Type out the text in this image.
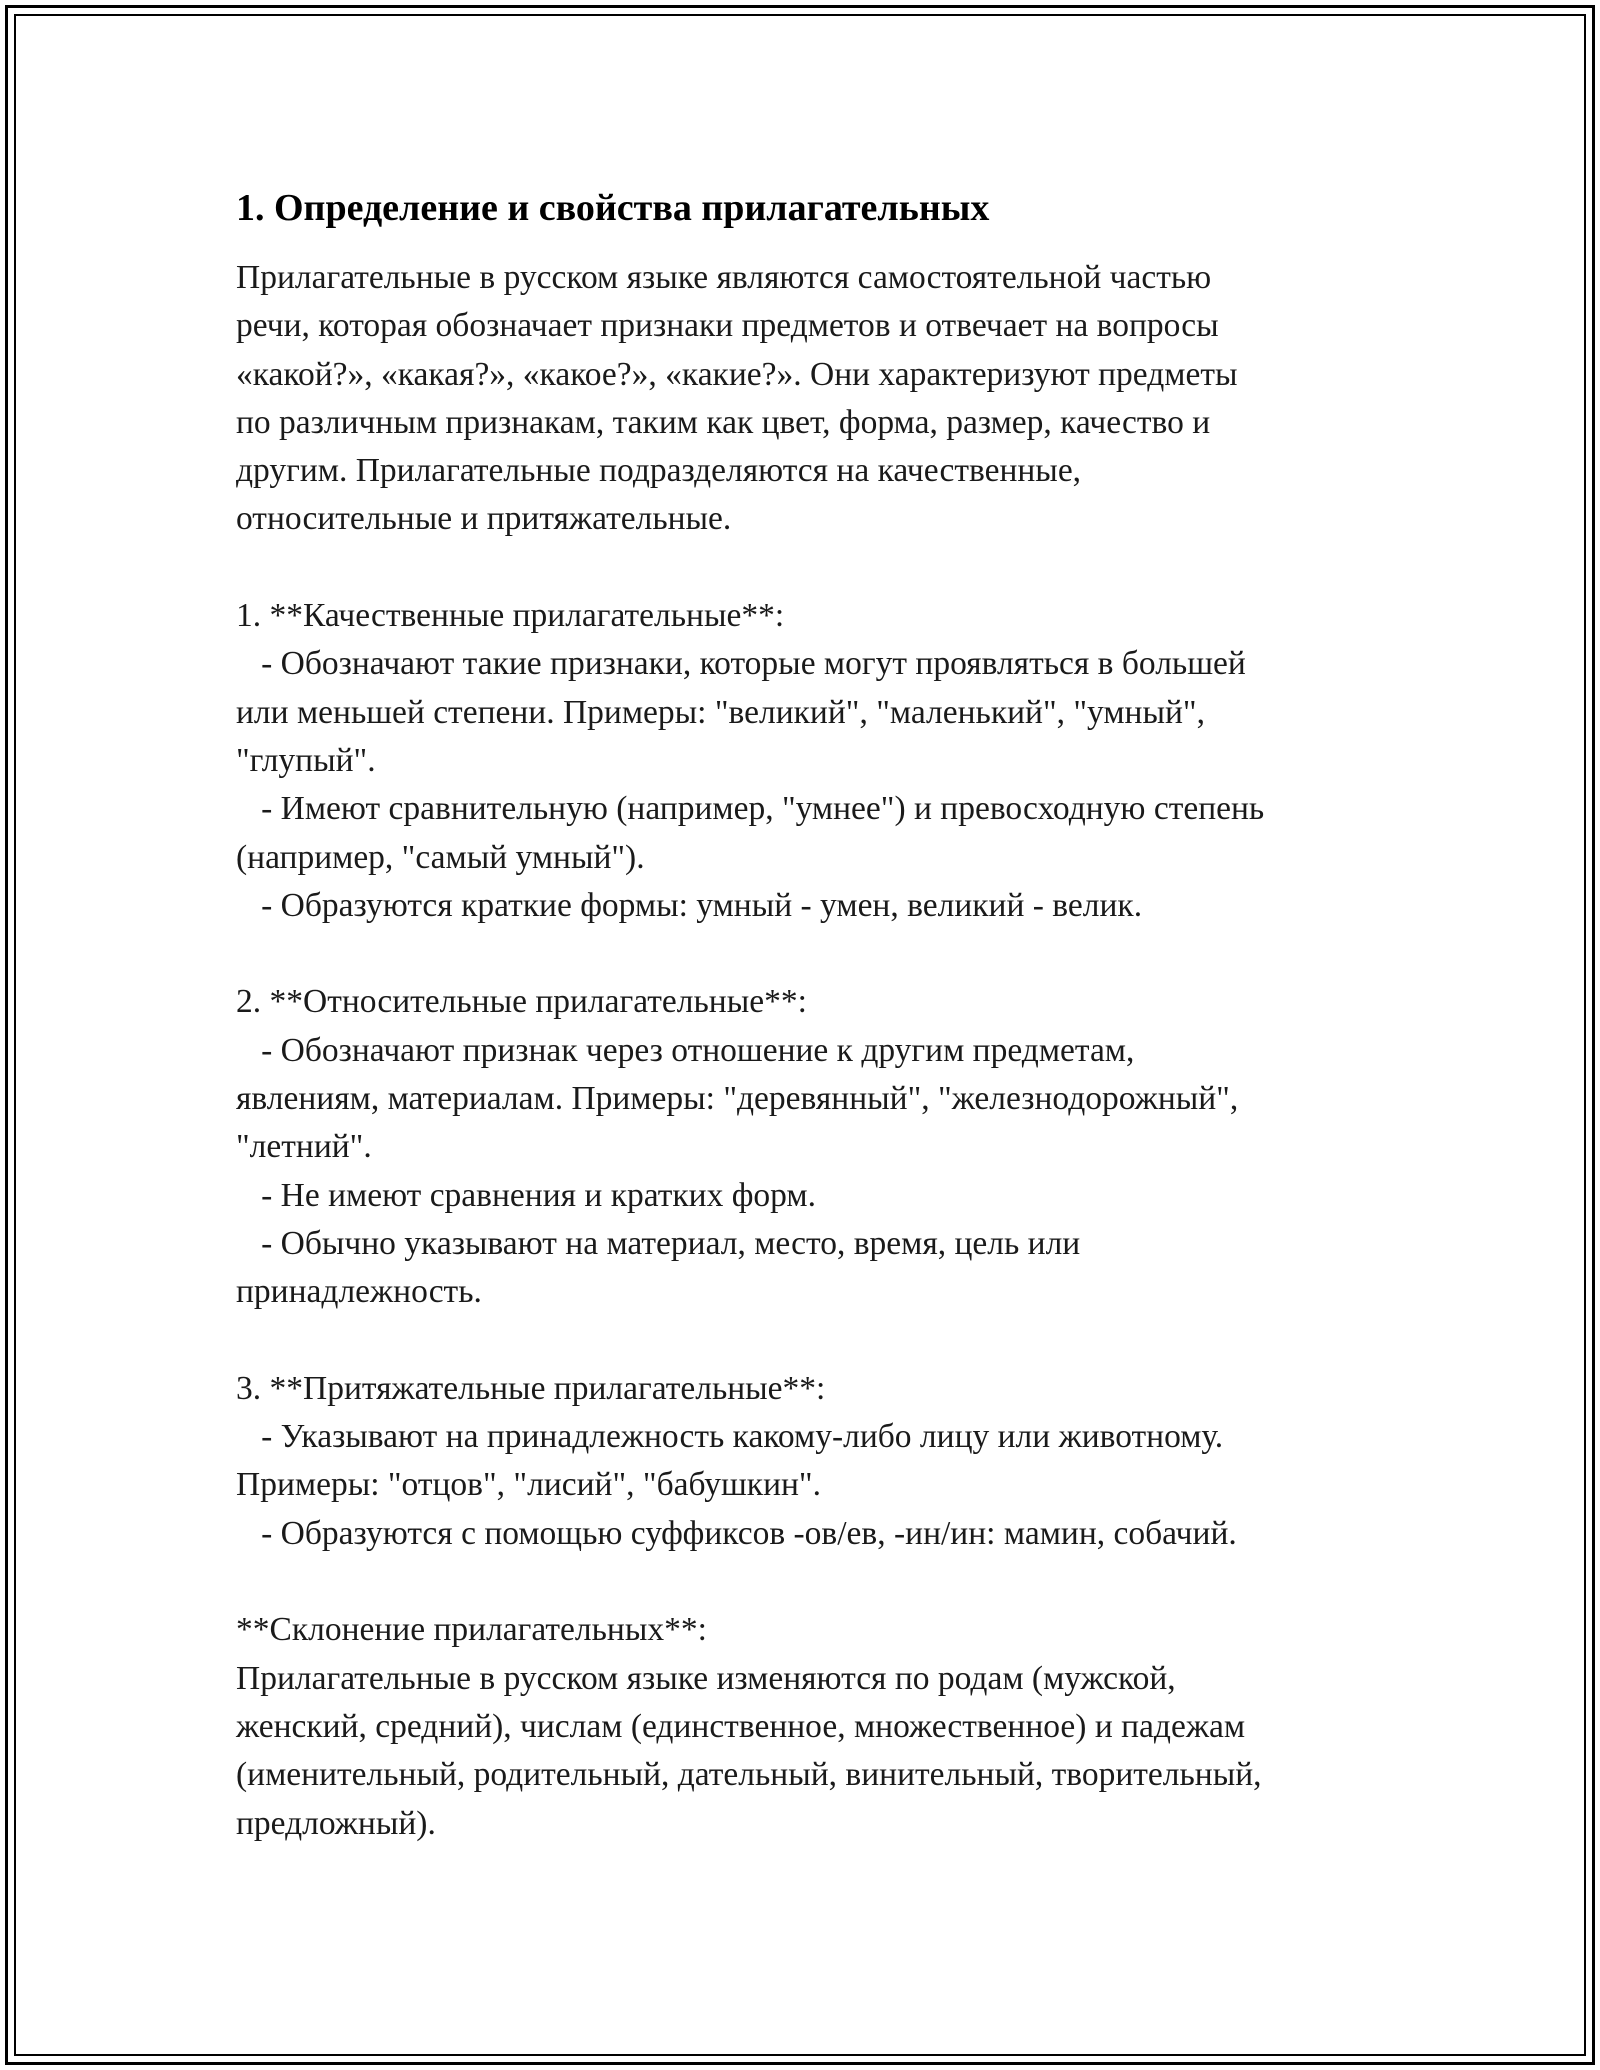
1. Определение и свойства прилагательных

Прилагательные в русском языке являются самостоятельной частью
речи, которая обозначает признаки предметов и отвечает на вопросы
«какой?», «какая?», «какое?», «какие?». Они характеризуют предметы
по различным признакам, таким как цвет, форма, размер, качество и
другим. Прилагательные подразделяются на качественные,
относительные и притяжательные.

1. **Качественные прилагательные**:

- Обозначают такие признаки, которые могут проявляться в большей
или меньшей степени. Примеры: "великий", "маленький", "умный",
"глупый".
- Имеют сравнительную (например, "умнее") и превосходную степень
(например, "самый умный").
- Образуются краткие формы: умный - умен, великий - велик.

2. **Относительные прилагательные**:

- Обозначают признак через отношение к другим предметам,
явлениям, материалам. Примеры: "деревянный", "железнодорожный",
"летний".
- Не имеют сравнения и кратких форм.
- Обычно указывают на материал, место, время, цель или
принадлежность.

3. **Притяжательные прилагательные**:

- Указывают на принадлежность какому-либо лицу или животному.
Примеры: "отцов", "лисий", "бабушкин".
- Образуются с помощью суффиксов -ов/ев, -ин/ин: мамин, собачий.

**Склонение прилагательных**:

Прилагательные в русском языке изменяются по родам (мужской,
женский, средний), числам (единственное, множественное) и падежам
(именительный, родительный, дательный, винительный, творительный,
предложный).
